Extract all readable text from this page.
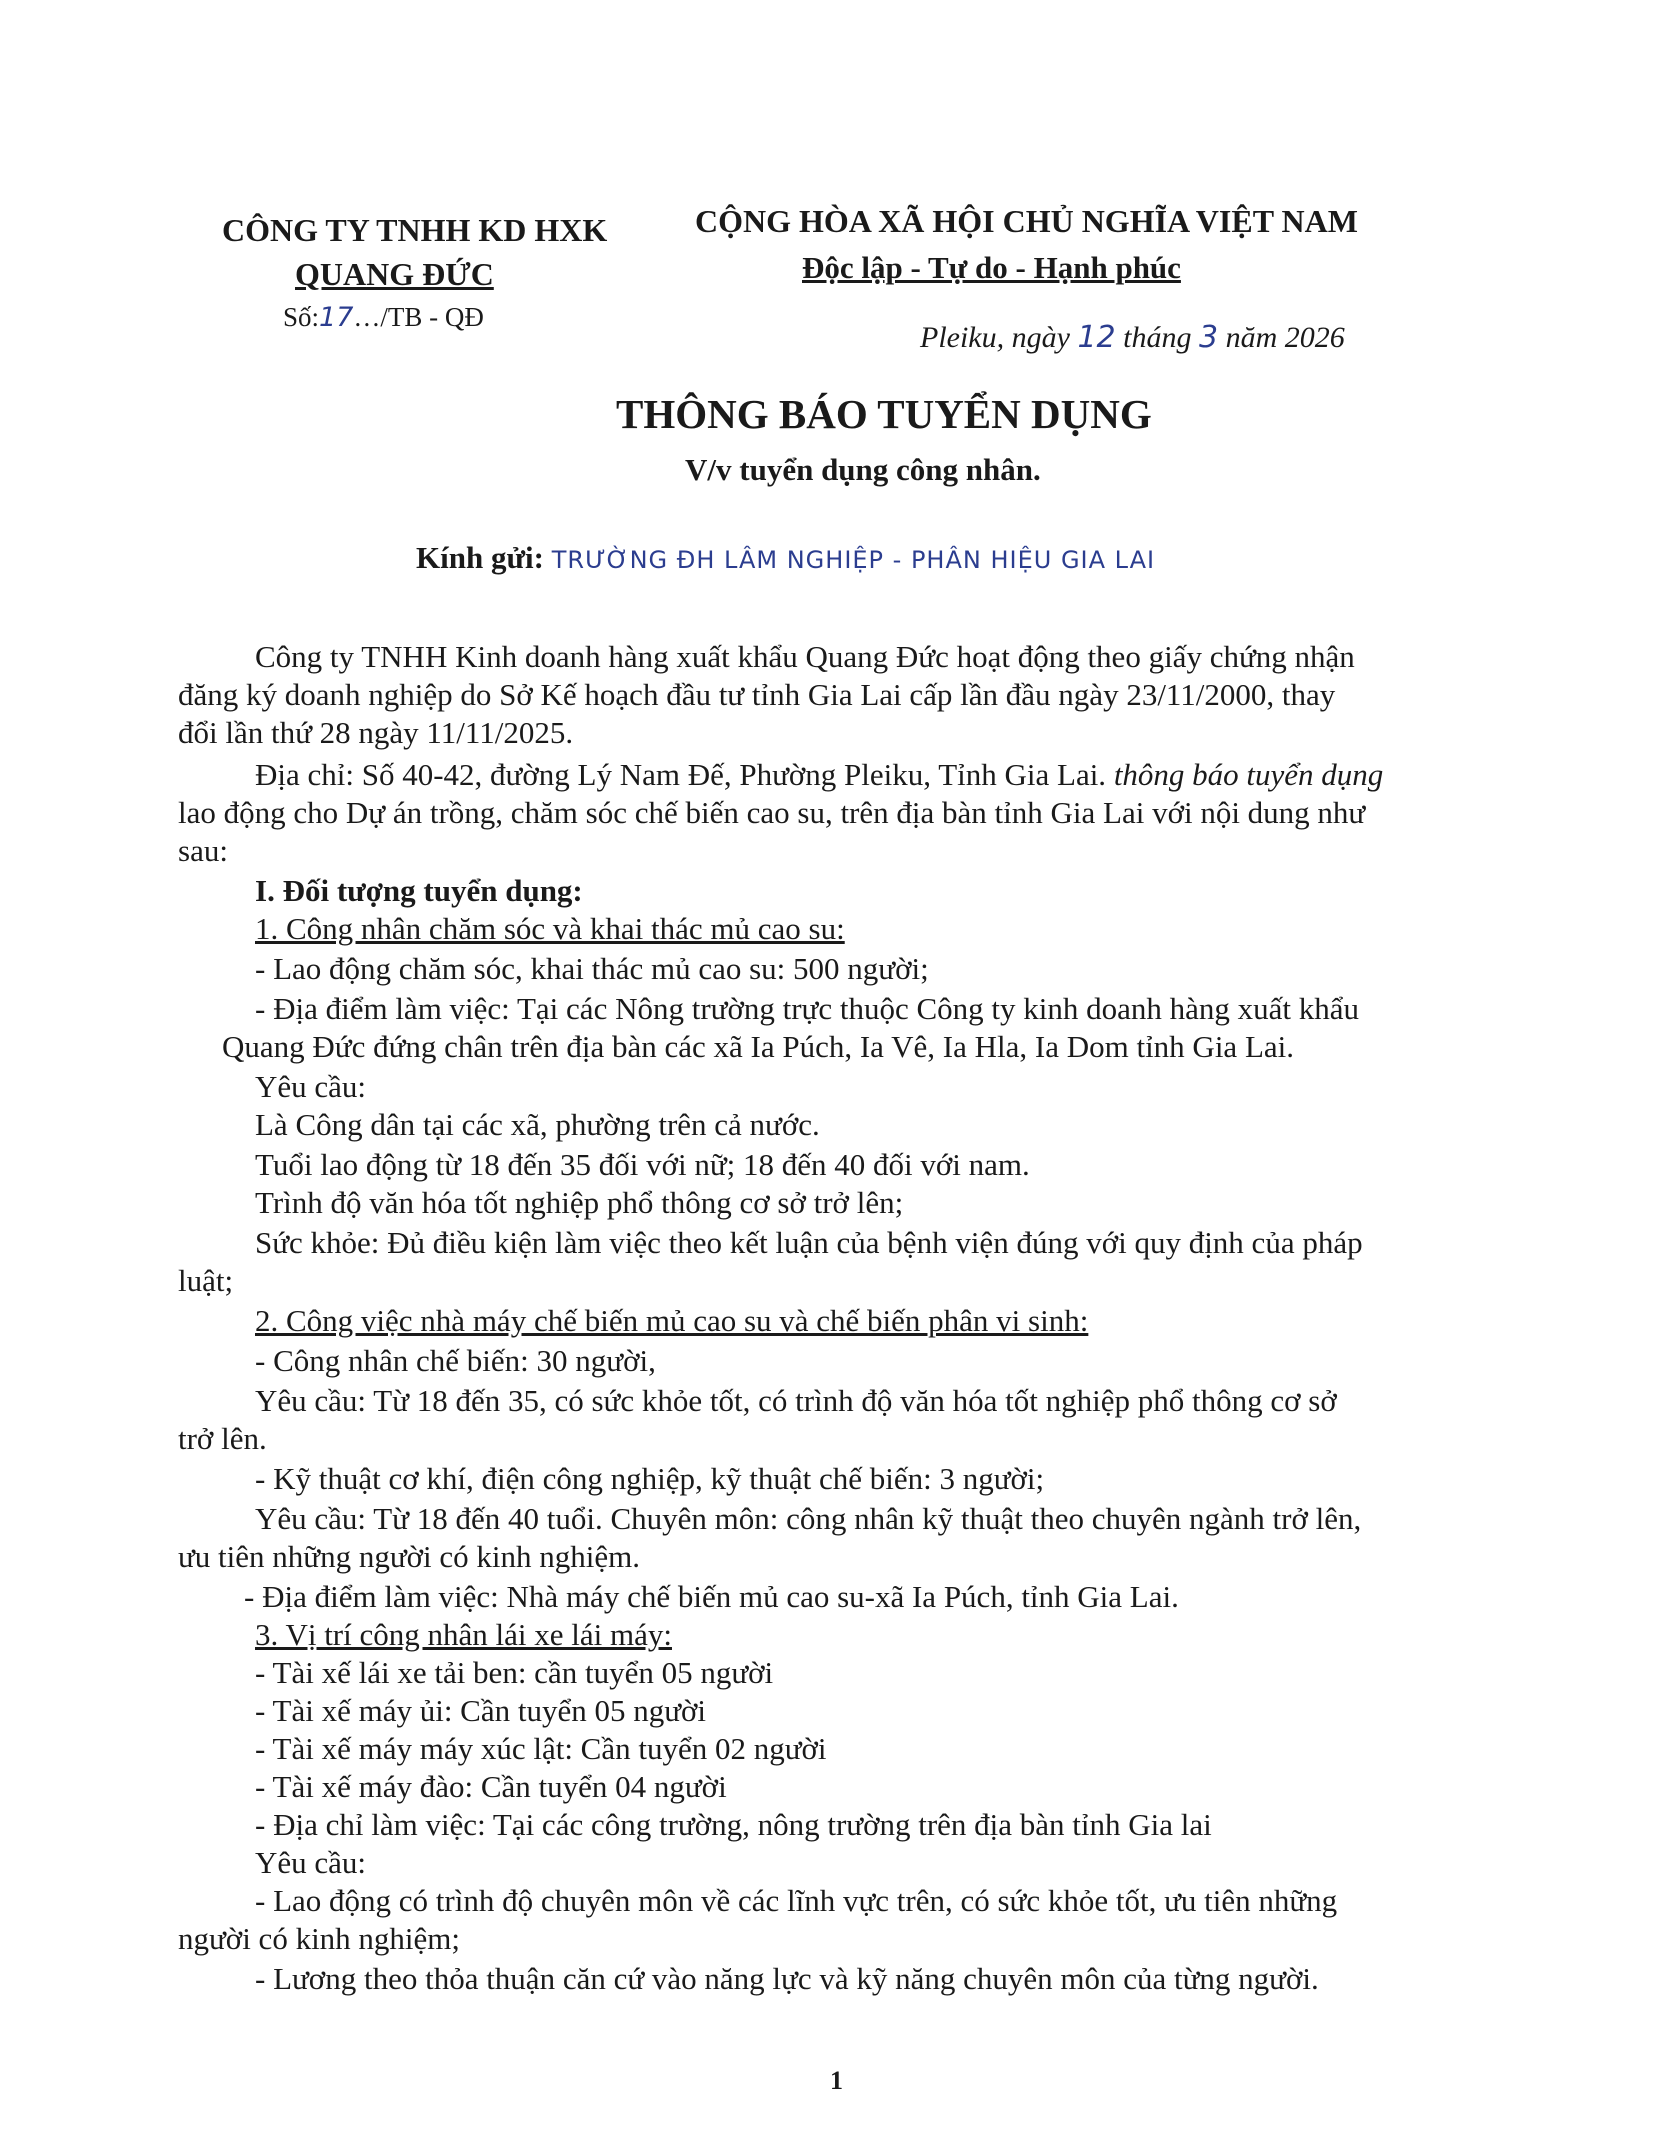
CÔNG TY TNHH KD HXK
QUANG ĐỨC
Số:17…/TB - QĐ
CỘNG HÒA XÃ HỘI CHỦ NGHĨA VIỆT NAM
Độc lập - Tự do - Hạnh phúc
Pleiku, ngày 12 tháng 3 năm 2026
THÔNG BÁO TUYỂN DỤNG
V/v tuyển dụng công nhân.
Kính gửi: TRƯỜNG ĐH LÂM NGHIỆP - PHÂN HIỆU GIA LAI
Công ty TNHH Kinh doanh hàng xuất khẩu Quang Đức hoạt động theo giấy chứng nhận
đăng ký doanh nghiệp do Sở Kế hoạch đầu tư tỉnh Gia Lai cấp lần đầu ngày 23/11/2000, thay
đổi lần thứ 28 ngày 11/11/2025.
Địa chỉ: Số 40-42, đường Lý Nam Đế, Phường Pleiku, Tỉnh Gia Lai. thông báo tuyển dụng
lao động cho Dự án trồng, chăm sóc chế biến cao su, trên địa bàn tỉnh Gia Lai với nội dung như
sau:
I. Đối tượng tuyển dụng:
1. Công nhân chăm sóc và khai thác mủ cao su:
- Lao động chăm sóc, khai thác mủ cao su: 500 người;
- Địa điểm làm việc: Tại các Nông trường trực thuộc Công ty kinh doanh hàng xuất khẩu
Quang Đức đứng chân trên địa bàn các xã Ia Púch, Ia Vê, Ia Hla, Ia Dom tỉnh Gia Lai.
Yêu cầu:
Là Công dân tại các xã, phường trên cả nước.
Tuổi lao động từ 18 đến 35 đối với nữ; 18 đến 40 đối với nam.
Trình độ văn hóa tốt nghiệp phổ thông cơ sở trở lên;
Sức khỏe: Đủ điều kiện làm việc theo kết luận của bệnh viện đúng với quy định của pháp
luật;
2. Công việc nhà máy chế biến mủ cao su và chế biến phân vi sinh:
- Công nhân chế biến: 30 người,
Yêu cầu: Từ 18 đến 35, có sức khỏe tốt, có trình độ văn hóa tốt nghiệp phổ thông cơ sở
trở lên.
- Kỹ thuật cơ khí, điện công nghiệp, kỹ thuật chế biến: 3 người;
Yêu cầu: Từ 18 đến 40 tuổi. Chuyên môn: công nhân kỹ thuật theo chuyên ngành trở lên,
ưu tiên những người có kinh nghiệm.
- Địa điểm làm việc: Nhà máy chế biến mủ cao su-xã Ia Púch, tỉnh Gia Lai.
3. Vị trí công nhân lái xe lái máy:
- Tài xế lái xe tải ben: cần tuyển 05 người
- Tài xế máy ủi: Cần tuyển 05 người
- Tài xế máy máy xúc lật: Cần tuyển 02 người
- Tài xế máy đào: Cần tuyển 04 người
- Địa chỉ làm việc: Tại các công trường, nông trường trên địa bàn tỉnh Gia lai
Yêu cầu:
- Lao động có trình độ chuyên môn về các lĩnh vực trên, có sức khỏe tốt, ưu tiên những
người có kinh nghiệm;
- Lương theo thỏa thuận căn cứ vào năng lực và kỹ năng chuyên môn của từng người.
1
